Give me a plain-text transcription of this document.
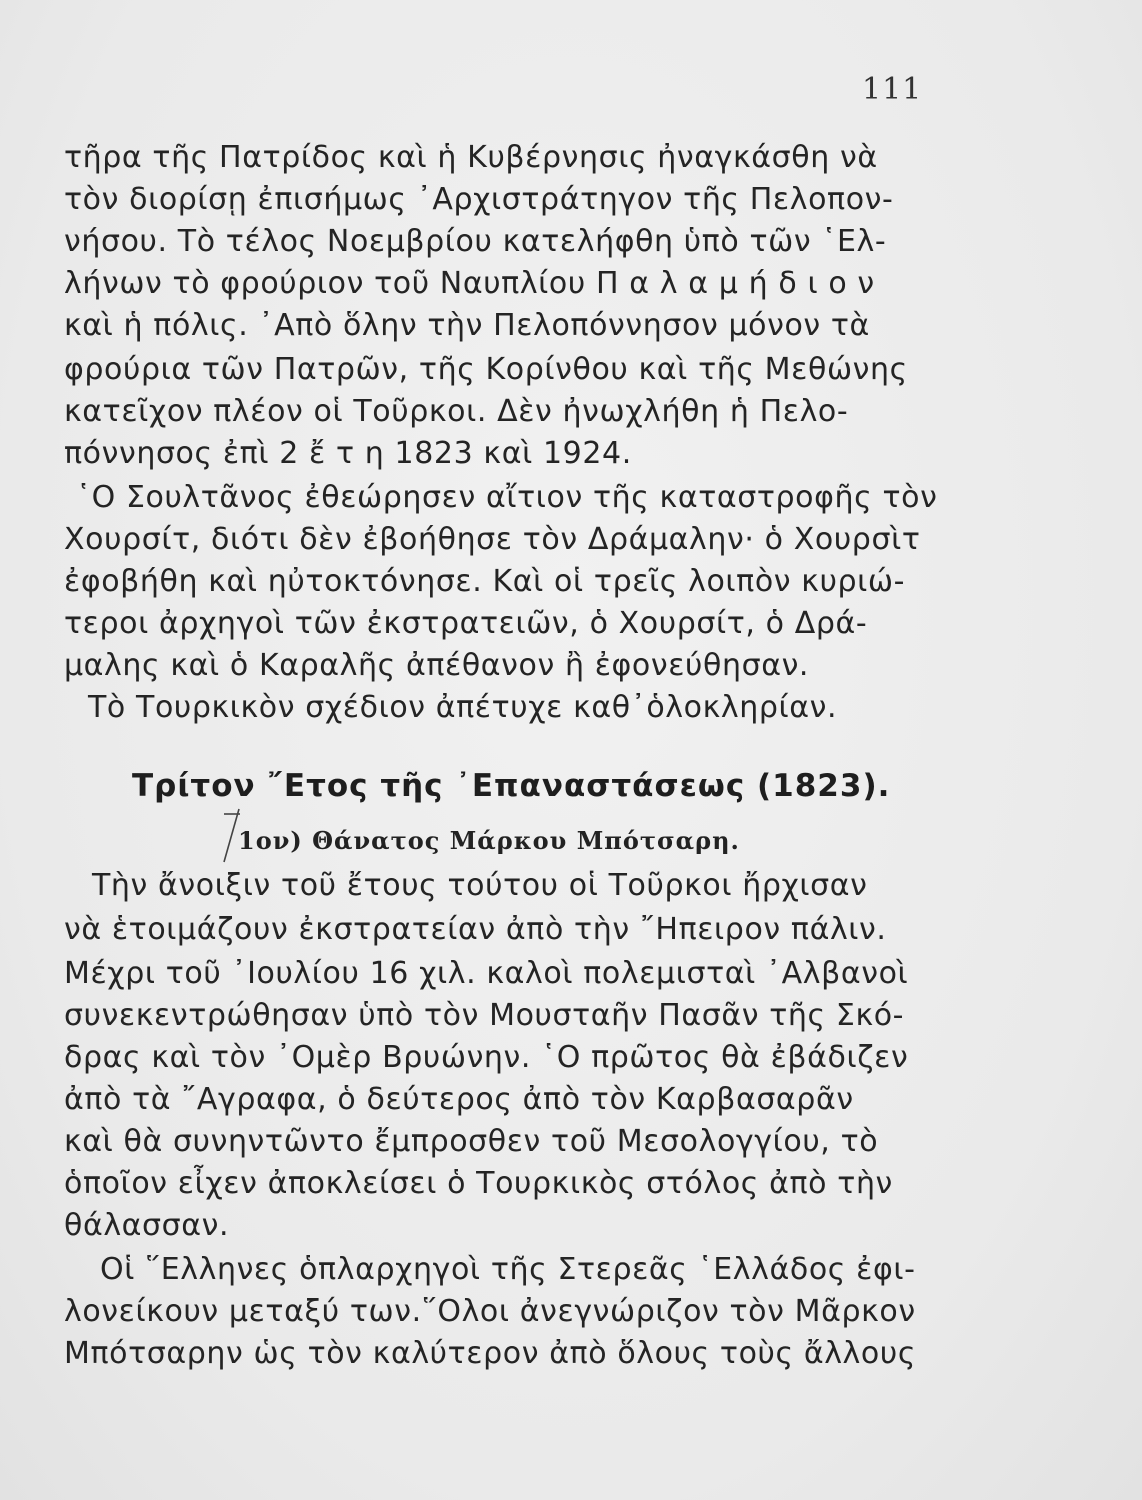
111
τῆρα τῆς Πατρίδος καὶ ἡ Κυβέρνησις ἠναγκάσθη νὰ
τὸν διορίσῃ ἐπισήμως ᾿Αρχιστράτηγον τῆς Πελοπον-
νήσου. Τὸ τέλος Νοεμβρίου κατελήφθη ὑπὸ τῶν ῾Ελ-
λήνων τὸ φρούριον τοῦ Ναυπλίου Π α λ α μ ή δ ι ο ν
καὶ ἡ πόλις. ᾿Απὸ ὅλην τὴν Πελοπόννησον μόνον τὰ
φρούρια τῶν Πατρῶν, τῆς Κορίνθου καὶ τῆς Μεθώνης
κατεῖχον πλέον οἱ Τοῦρκοι. Δὲν ἠνωχλήθη ἡ Πελο-
πόννησος ἐπὶ 2 ἔ τ η 1823 καὶ 1924.
῾Ο Σουλτᾶνος ἐθεώρησεν αἴτιον τῆς καταστροφῆς τὸν
Χουρσίτ, διότι δὲν ἐβοήθησε τὸν Δράμαλην· ὁ Χουρσὶτ
ἐφοβήθη καὶ ηὐτοκτόνησε. Καὶ οἱ τρεῖς λοιπὸν κυριώ-
τεροι ἀρχηγοὶ τῶν ἐκστρατειῶν, ὁ Χουρσίτ, ὁ Δρά-
μαλης καὶ ὁ Καραλῆς ἀπέθανον ἢ ἐφονεύθησαν.
Τὸ Τουρκικὸν σχέδιον ἀπέτυχε καθ᾿ὁλοκληρίαν.
Τρίτον ῎Ετος τῆς ᾿Επαναστάσεως (1823).
1ον) Θάνατος Μάρκου Μπότσαρη.
Τὴν ἄνοιξιν τοῦ ἔτους τούτου οἱ Τοῦρκοι ἤρχισαν
νὰ ἑτοιμάζουν ἐκστρατείαν ἀπὸ τὴν ῎Ηπειρον πάλιν.
Μέχρι τοῦ ᾿Ιουλίου 16 χιλ. καλοὶ πολεμισταὶ ᾿Αλβανοὶ
συνεκεντρώθησαν ὑπὸ τὸν Μουσταῆν Πασᾶν τῆς Σκό-
δρας καὶ τὸν ᾿Ομὲρ Βρυώνην. ῾Ο πρῶτος θὰ ἐβάδιζεν
ἀπὸ τὰ ῎Αγραφα, ὁ δεύτερος ἀπὸ τὸν Καρβασαρᾶν
καὶ θὰ συνηντῶντο ἔμπροσθεν τοῦ Μεσολογγίου, τὸ
ὁποῖον εἶχεν ἀποκλείσει ὁ Τουρκικὸς στόλος ἀπὸ τὴν
θάλασσαν.
Οἱ ῞Ελληνες ὁπλαρχηγοὶ τῆς Στερεᾶς ῾Ελλάδος ἐφι-
λονείκουν μεταξύ των.῞Ολοι ἀνεγνώριζον τὸν Μᾶρκον
Μπότσαρην ὡς τὸν καλύτερον ἀπὸ ὅλους τοὺς ἄλλους
